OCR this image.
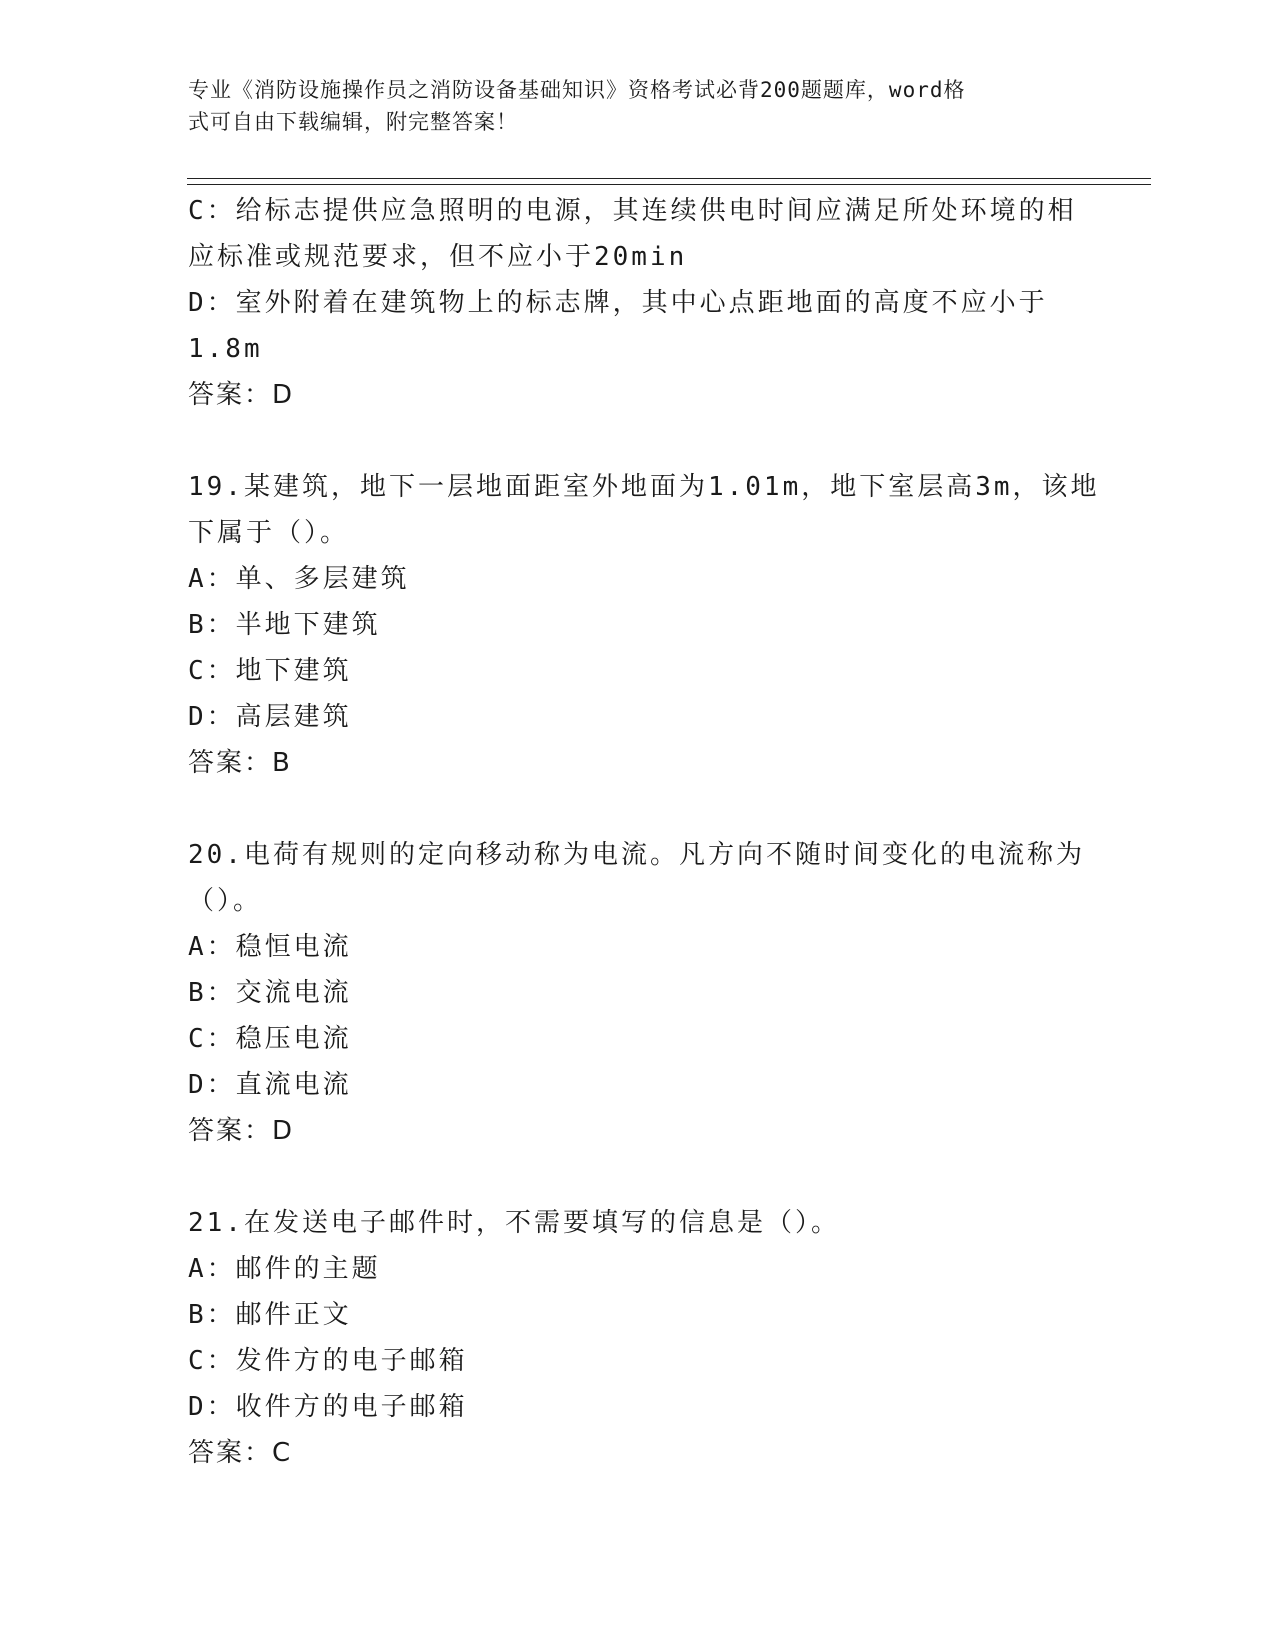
专业《消防设施操作员之消防设备基础知识》资格考试必背200题题库，word格
式可自由下载编辑，附完整答案！
C：给标志提供应急照明的电源，其连续供电时间应满足所处环境的相
应标准或规范要求，但不应小于20min
D：室外附着在建筑物上的标志牌，其中心点距地面的高度不应小于
1.8m
答案：D
19.某建筑，地下一层地面距室外地面为1.01m，地下室层高3m，该地
下属于（）。
A：单、多层建筑
B：半地下建筑
C：地下建筑
D：高层建筑
答案：B
20.电荷有规则的定向移动称为电流。凡方向不随时间变化的电流称为
（）。
A：稳恒电流
B：交流电流
C：稳压电流
D：直流电流
答案：D
21.在发送电子邮件时，不需要填写的信息是（）。
A：邮件的主题
B：邮件正文
C：发件方的电子邮箱
D：收件方的电子邮箱
答案：C
